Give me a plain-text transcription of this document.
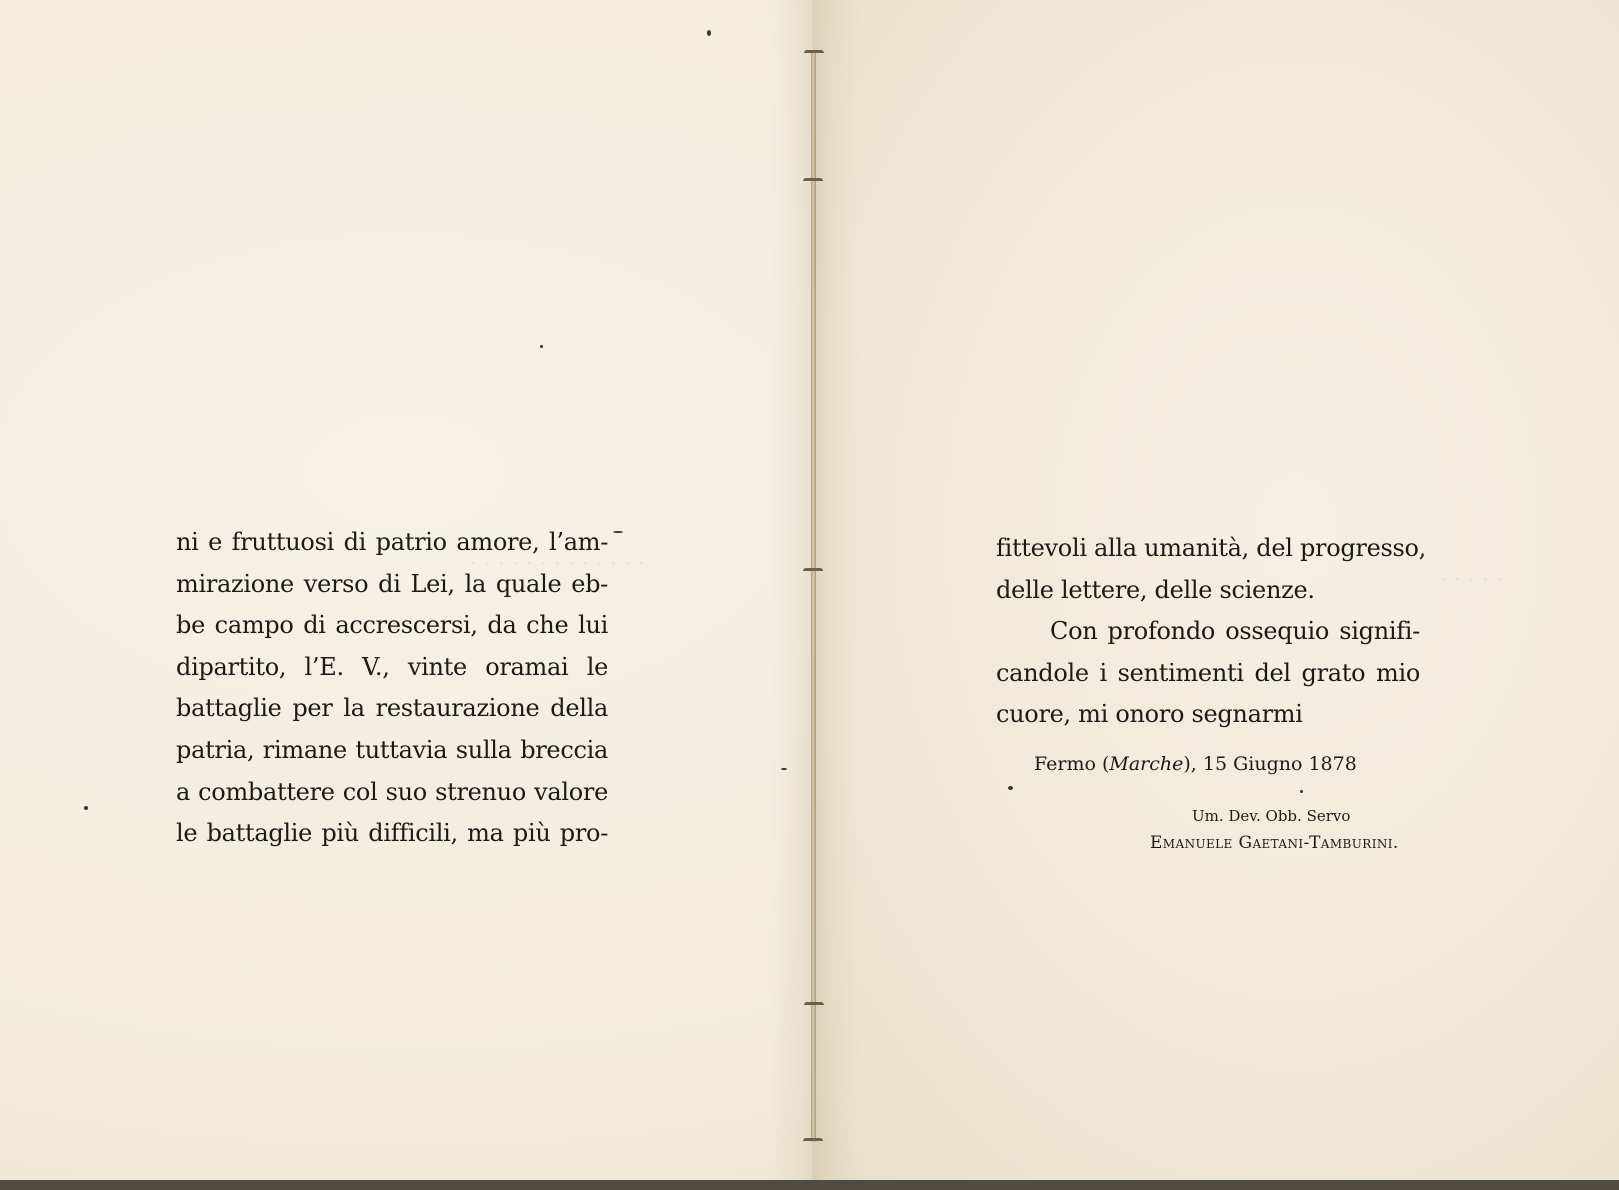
· · · · · · · · · · · · ·
· · · · ·
ni e fruttuosi di patrio amore, l’am-
mirazione verso di Lei, la quale eb-
be campo di accrescersi, da che lui
dipartito, l’E. V., vinte oramai le
battaglie per la restaurazione della
patria, rimane tuttavia sulla breccia
a combattere col suo strenuo valore
le battaglie più difficili, ma più pro-
fittevoli alla umanità, del progresso,
delle lettere, delle scienze.
Con profondo ossequio signifi-
candole i sentimenti del grato mio
cuore, mi onoro segnarmi
Fermo (Marche), 15 Giugno 1878
Um. Dev. Obb. Servo
Emanuele Gaetani-Tamburini.
